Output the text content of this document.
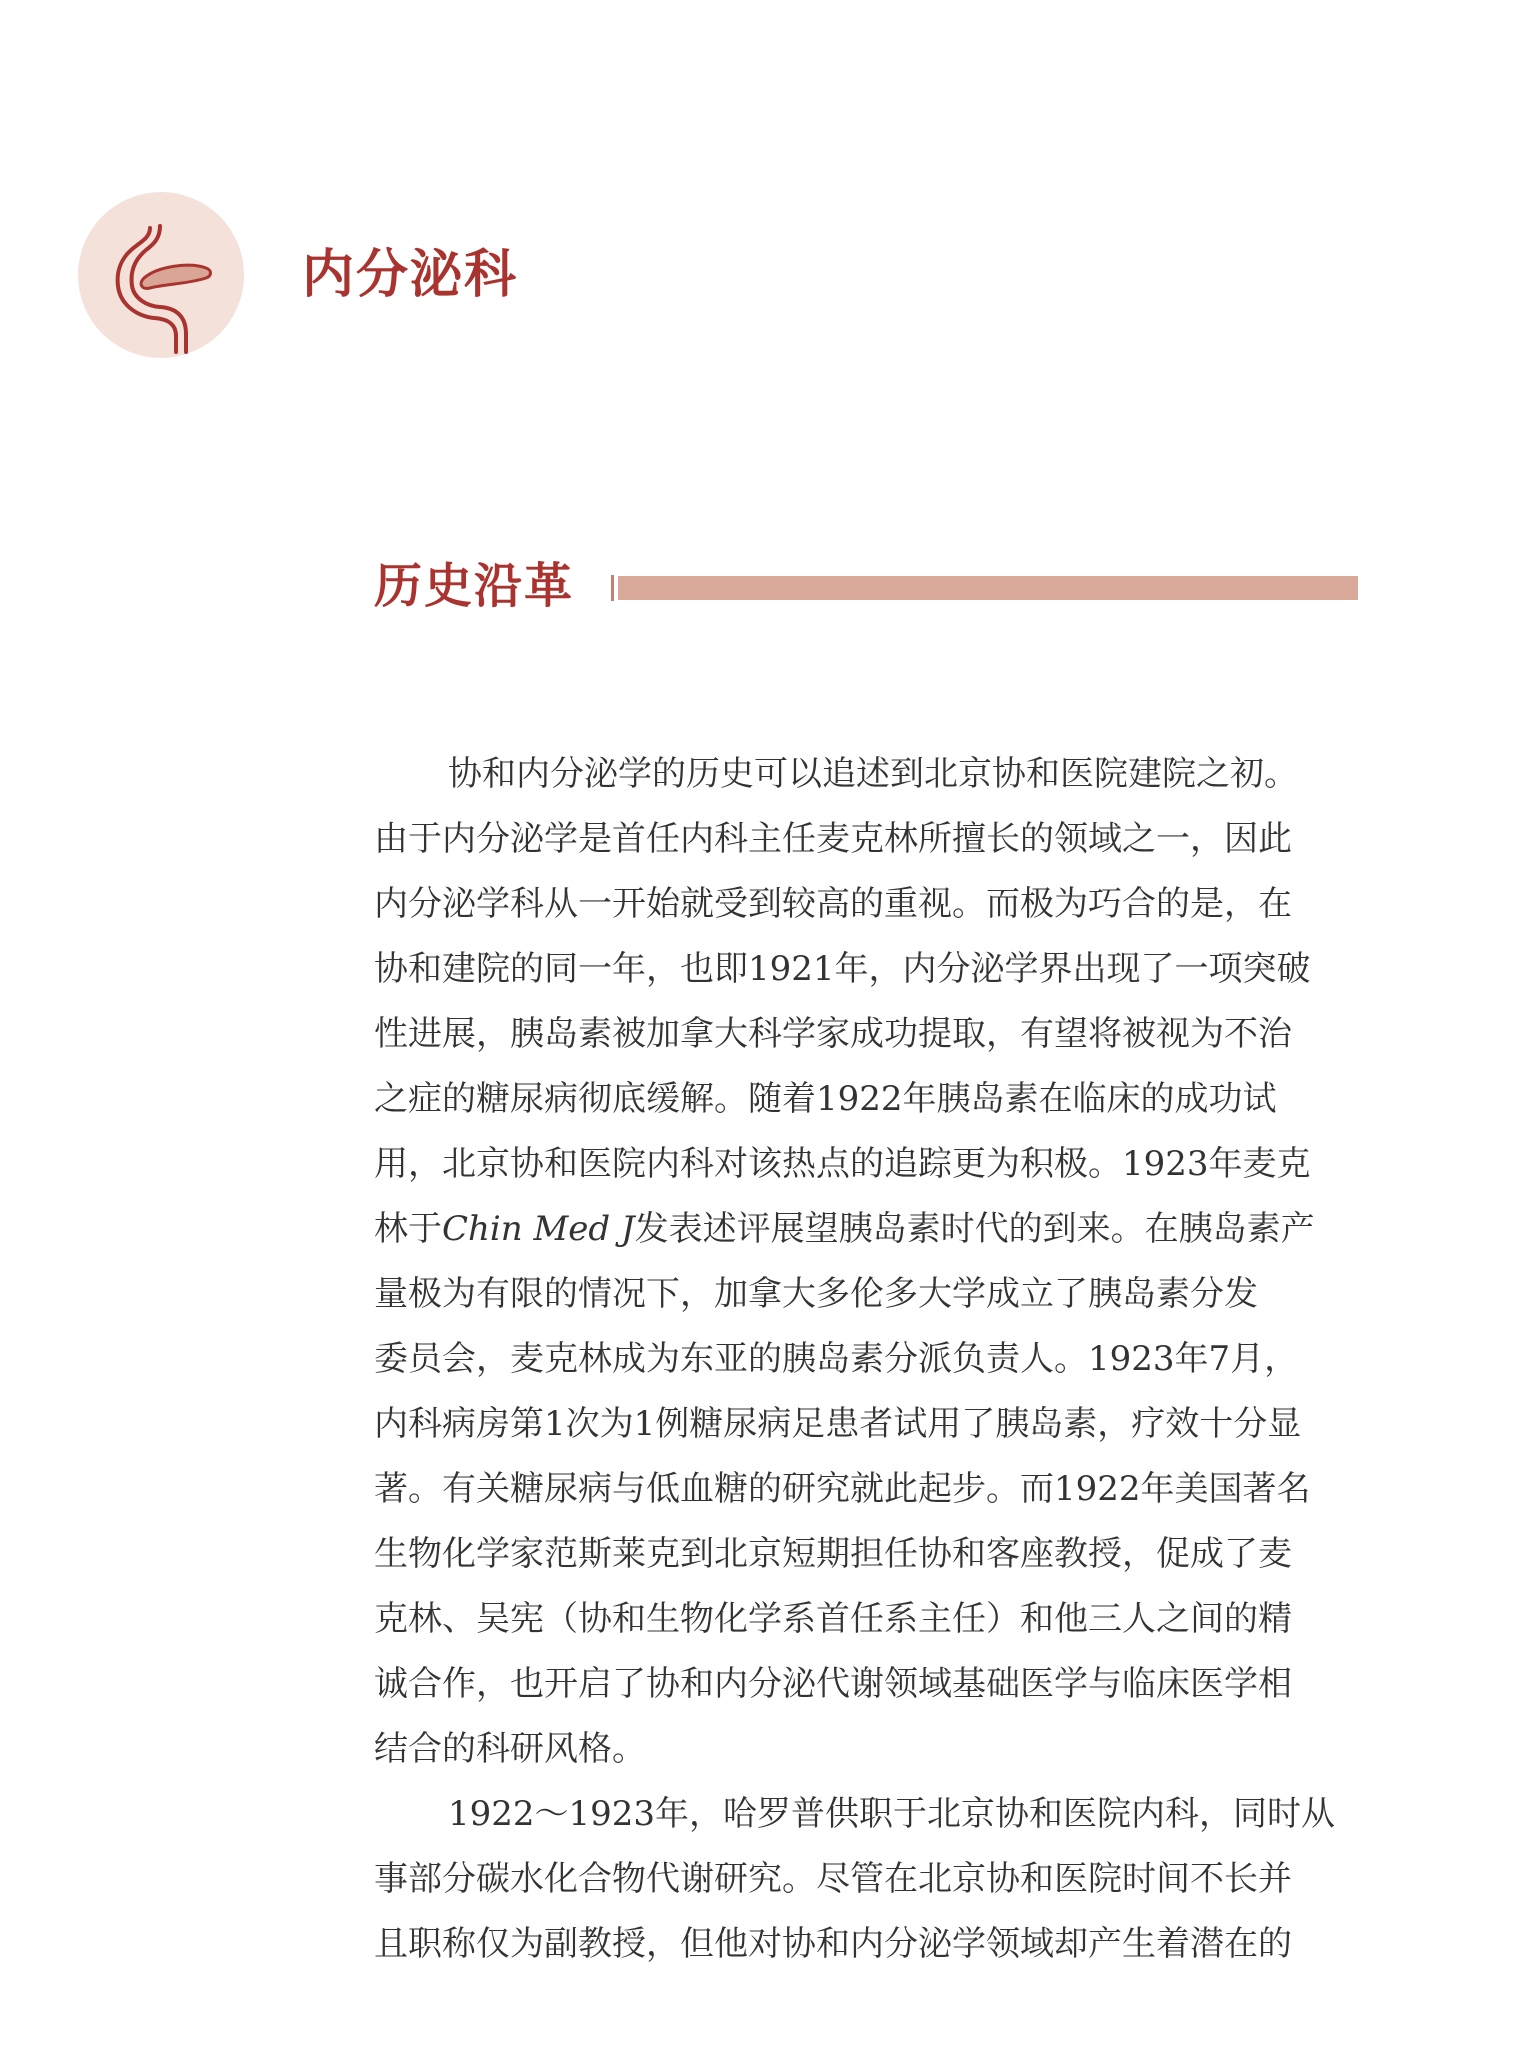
内分泌科
历史沿革

协和内分泌学的历史可以追述到北京协和医院建院之初。
由于内分泌学是首任内科主任麦克林所擅长的领域之一，因此
内分泌学科从一开始就受到较高的重视。而极为巧合的是，在
协和建院的同一年，也即1921年，内分泌学界出现了一项突破
性进展，胰岛素被加拿大科学家成功提取，有望将被视为不治
之症的糖尿病彻底缓解。随着1922年胰岛素在临床的成功试
用，北京协和医院内科对该热点的追踪更为积极。1923年麦克
林于Chin Med J发表述评展望胰岛素时代的到来。在胰岛素产
量极为有限的情况下，加拿大多伦多大学成立了胰岛素分发
委员会，麦克林成为东亚的胰岛素分派负责人。1923年7月，
内科病房第1次为1例糖尿病足患者试用了胰岛素，疗效十分显
著。有关糖尿病与低血糖的研究就此起步。而1922年美国著名
生物化学家范斯莱克到北京短期担任协和客座教授，促成了麦
克林、吴宪（协和生物化学系首任系主任）和他三人之间的精
诚合作，也开启了协和内分泌代谢领域基础医学与临床医学相
结合的科研风格。

1922～1923年，哈罗普供职于北京协和医院内科，同时从
事部分碳水化合物代谢研究。尽管在北京协和医院时间不长并
且职称仅为副教授，但他对协和内分泌学领域却产生着潜在的
